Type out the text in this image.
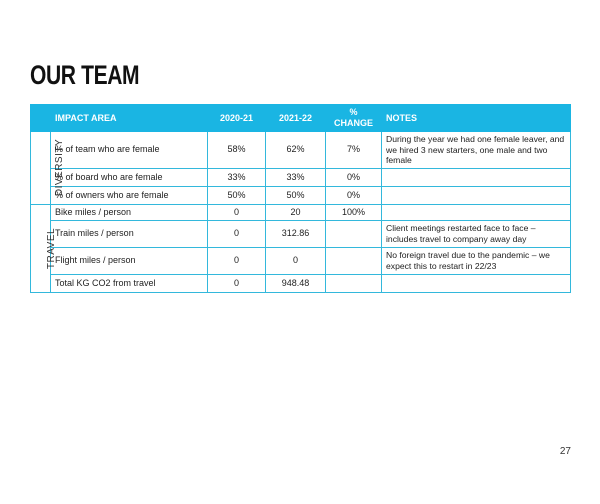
OUR TEAM
	IMPACT AREA	2020-21	2021-22	% CHANGE	NOTES
DIVERSITY	% of team who are female	58%	62%	7%	During the year we had one female leaver, and we hired 3 new starters, one male and two female
	% of board who are female	33%	33%	0%	
	% of owners who are female	50%	50%	0%	
TRAVEL	Bike miles / person	0	20	100%	
	Train miles / person	0	312.86		Client meetings restarted face to face – includes travel to company away day
	Flight miles / person	0	0		No foreign travel due to the pandemic – we expect this to restart in 22/23
	Total KG CO2 from travel	0	948.48		
27
